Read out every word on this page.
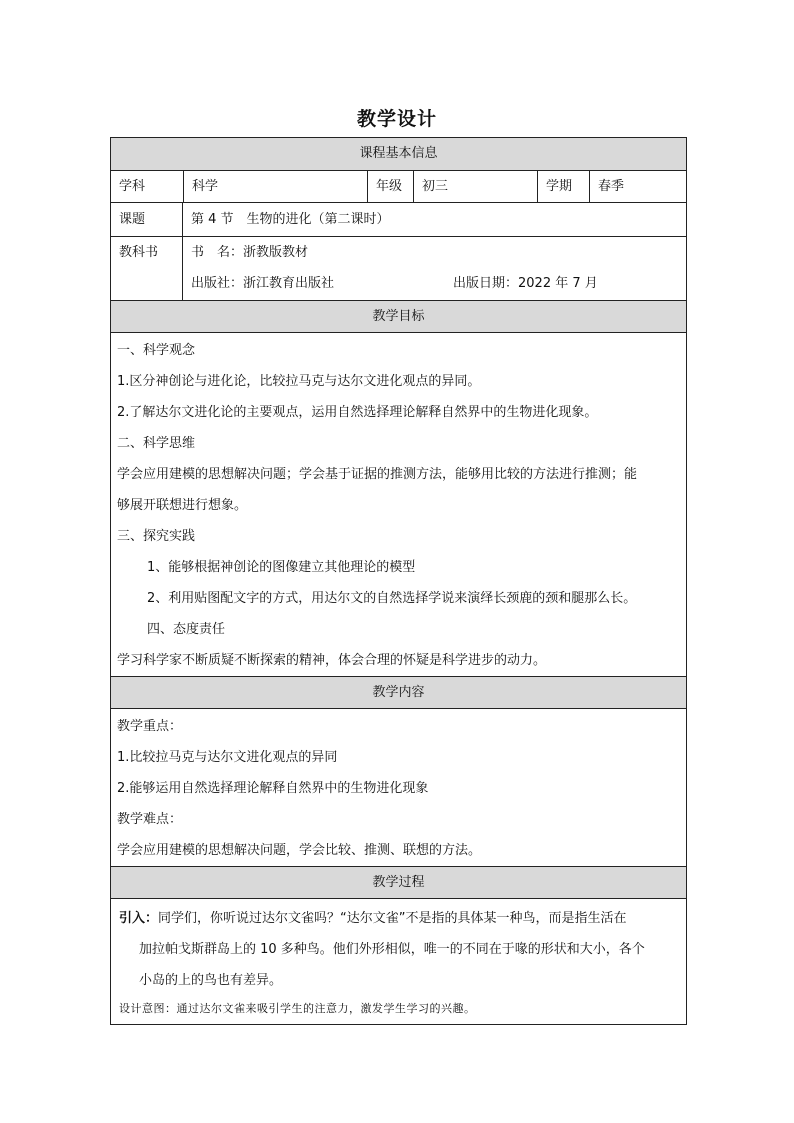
教学设计
课程基本信息
学科	科学	年级	初三	学期	春季
课题	第 4 节　生物的进化（第二课时）
教科书	书　名：浙教版教材
出版社：浙江教育出版社	出版日期：2022 年 7 月
教学目标

一、科学观念

1.区分神创论与进化论，比较拉马克与达尔文进化观点的异同。

2.了解达尔文进化论的主要观点，运用自然选择理论解释自然界中的生物进化现象。

二、科学思维

学会应用建模的思想解决问题；学会基于证据的推测方法，能够用比较的方法进行推测；能

够展开联想进行想象。

三、探究实践

1、能够根据神创论的图像建立其他理论的模型

2、利用贴图配文字的方式，用达尔文的自然选择学说来演绎长颈鹿的颈和腿那么长。

四、态度责任

学习科学家不断质疑不断探索的精神，体会合理的怀疑是科学进步的动力。

教学内容

教学重点：

1.比较拉马克与达尔文进化观点的异同

2.能够运用自然选择理论解释自然界中的生物进化现象

教学难点：

学会应用建模的思想解决问题，学会比较、推测、联想的方法。

教学过程

引入：同学们，你听说过达尔文雀吗？“达尔文雀”不是指的具体某一种鸟，而是指生活在

加拉帕戈斯群岛上的 10 多种鸟。他们外形相似，唯一的不同在于喙的形状和大小，各个

小岛的上的鸟也有差异。

设计意图：通过达尔文雀来吸引学生的注意力，激发学生学习的兴趣。
